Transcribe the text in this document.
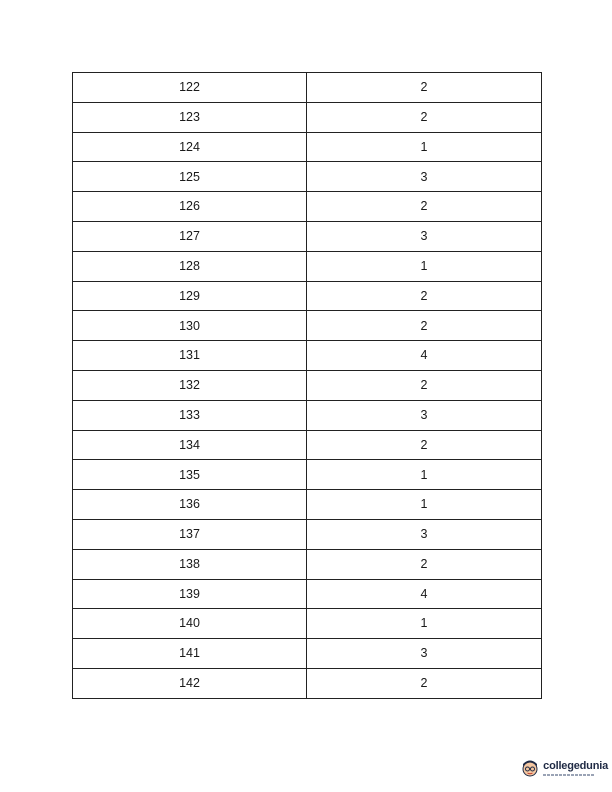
122	2
123	2
124	1
125	3
126	2
127	3
128	1
129	2
130	2
131	4
132	2
133	3
134	2
135	1
136	1
137	3
138	2
139	4
140	1
141	3
142	2
collegedunia
